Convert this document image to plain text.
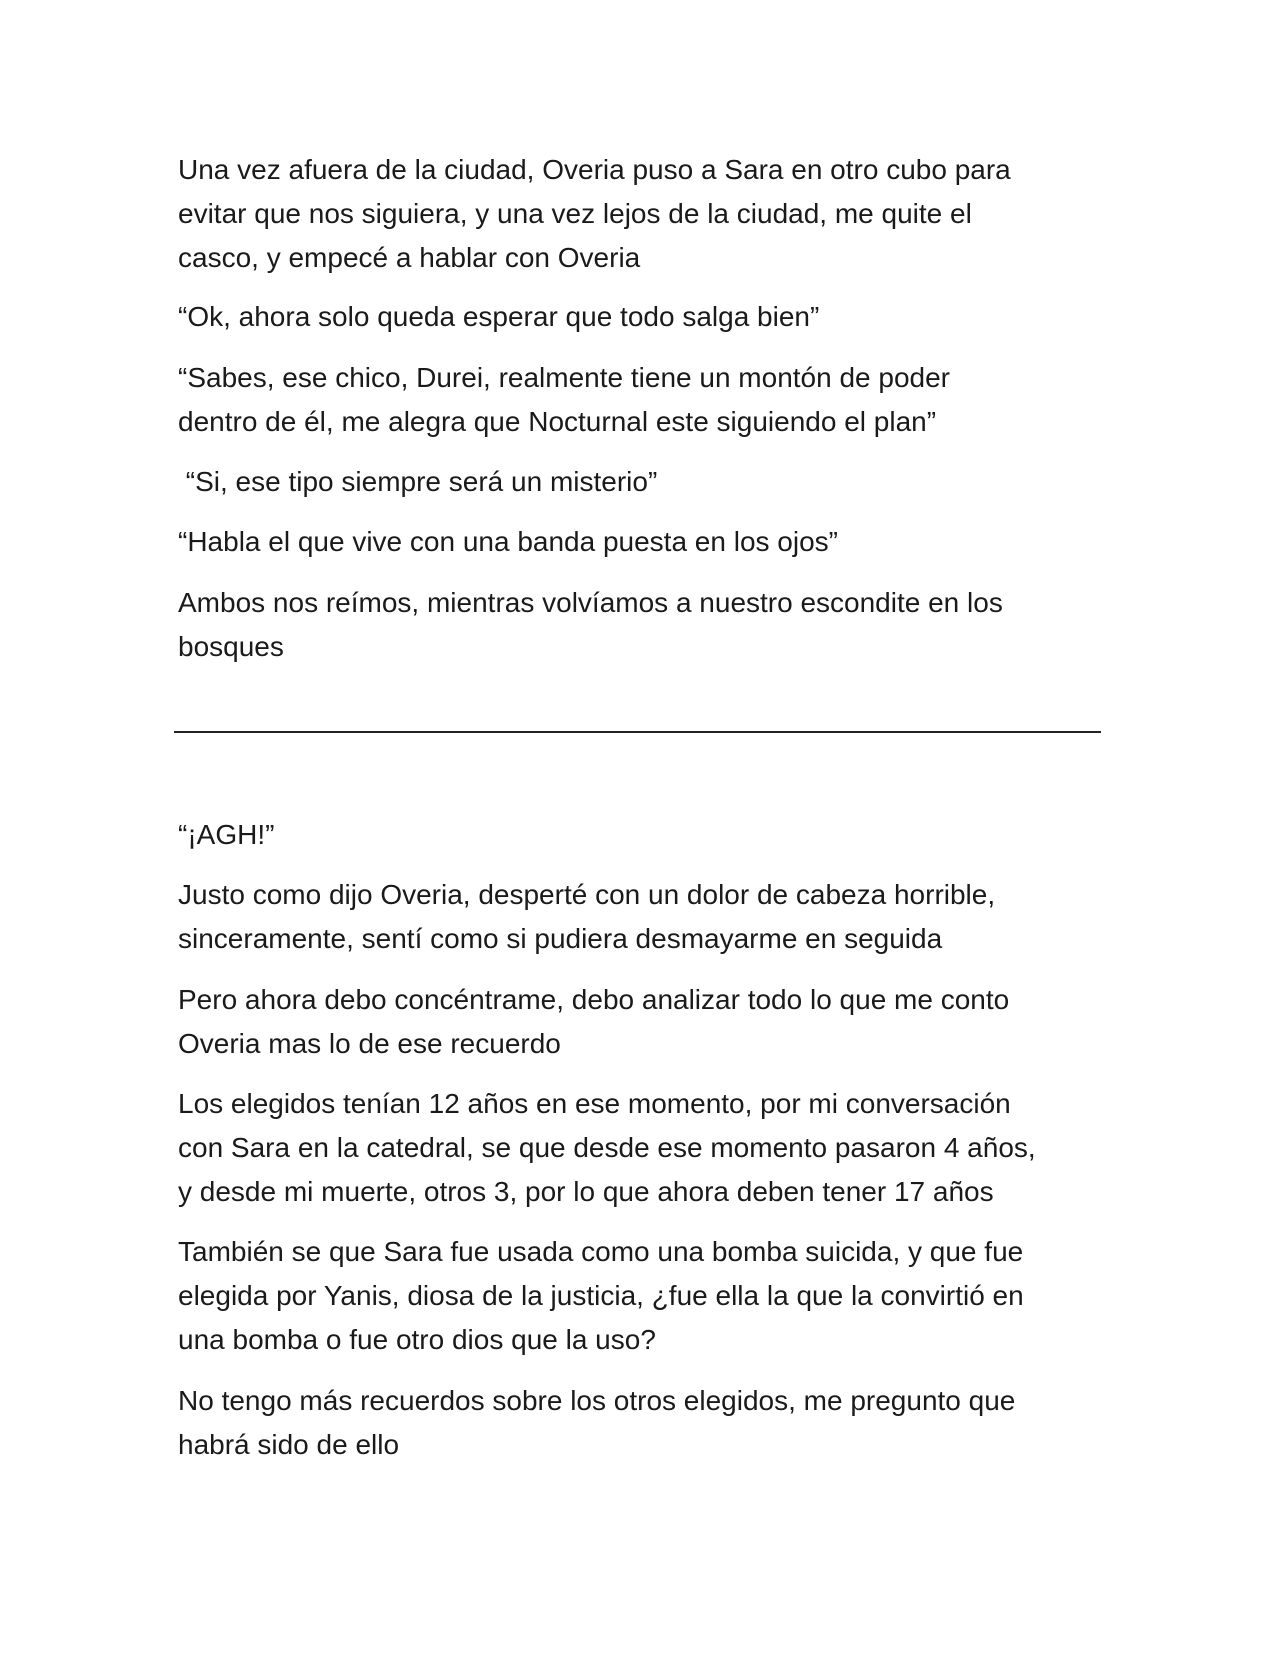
Una vez afuera de la ciudad, Overia puso a Sara en otro cubo para
evitar que nos siguiera, y una vez lejos de la ciudad, me quite el
casco, y empecé a hablar con Overia

“Ok, ahora solo queda esperar que todo salga bien”

“Sabes, ese chico, Durei, realmente tiene un montón de poder
dentro de él, me alegra que Nocturnal este siguiendo el plan”

“Si, ese tipo siempre será un misterio”

“Habla el que vive con una banda puesta en los ojos”

Ambos nos reímos, mientras volvíamos a nuestro escondite en los
bosques

“¡AGH!”

Justo como dijo Overia, desperté con un dolor de cabeza horrible,
sinceramente, sentí como si pudiera desmayarme en seguida

Pero ahora debo concéntrame, debo analizar todo lo que me conto
Overia mas lo de ese recuerdo

Los elegidos tenían 12 años en ese momento, por mi conversación
con Sara en la catedral, se que desde ese momento pasaron 4 años,
y desde mi muerte, otros 3, por lo que ahora deben tener 17 años

También se que Sara fue usada como una bomba suicida, y que fue
elegida por Yanis, diosa de la justicia, ¿fue ella la que la convirtió en
una bomba o fue otro dios que la uso?

No tengo más recuerdos sobre los otros elegidos, me pregunto que
habrá sido de ello
